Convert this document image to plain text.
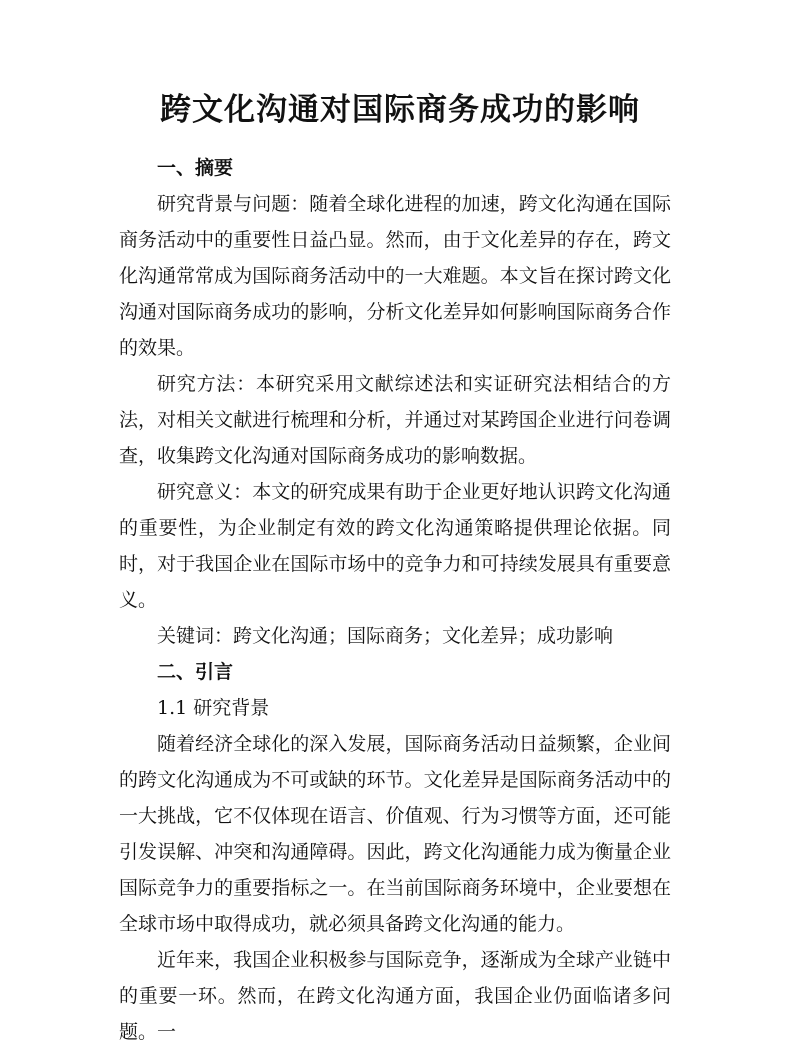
跨文化沟通对国际商务成功的影响

一、摘要

研究背景与问题：随着全球化进程的加速，跨文化沟通在国际商务活动中的重要性日益凸显。然而，由于文化差异的存在，跨文化沟通常常成为国际商务活动中的一大难题。本文旨在探讨跨文化沟通对国际商务成功的影响，分析文化差异如何影响国际商务合作的效果。

研究方法：本研究采用文献综述法和实证研究法相结合的方法，对相关文献进行梳理和分析，并通过对某跨国企业进行问卷调查，收集跨文化沟通对国际商务成功的影响数据。

研究意义：本文的研究成果有助于企业更好地认识跨文化沟通的重要性，为企业制定有效的跨文化沟通策略提供理论依据。同时，对于我国企业在国际市场中的竞争力和可持续发展具有重要意义。

关键词：跨文化沟通；国际商务；文化差异；成功影响

二、引言

1.1 研究背景

随着经济全球化的深入发展，国际商务活动日益频繁，企业间的跨文化沟通成为不可或缺的环节。文化差异是国际商务活动中的一大挑战，它不仅体现在语言、价值观、行为习惯等方面，还可能引发误解、冲突和沟通障碍。因此，跨文化沟通能力成为衡量企业国际竞争力的重要指标之一。在当前国际商务环境中，企业要想在全球市场中取得成功，就必须具备跨文化沟通的能力。

近年来，我国企业积极参与国际竞争，逐渐成为全球产业链中的重要一环。然而，在跨文化沟通方面，我国企业仍面临诸多问题。一
